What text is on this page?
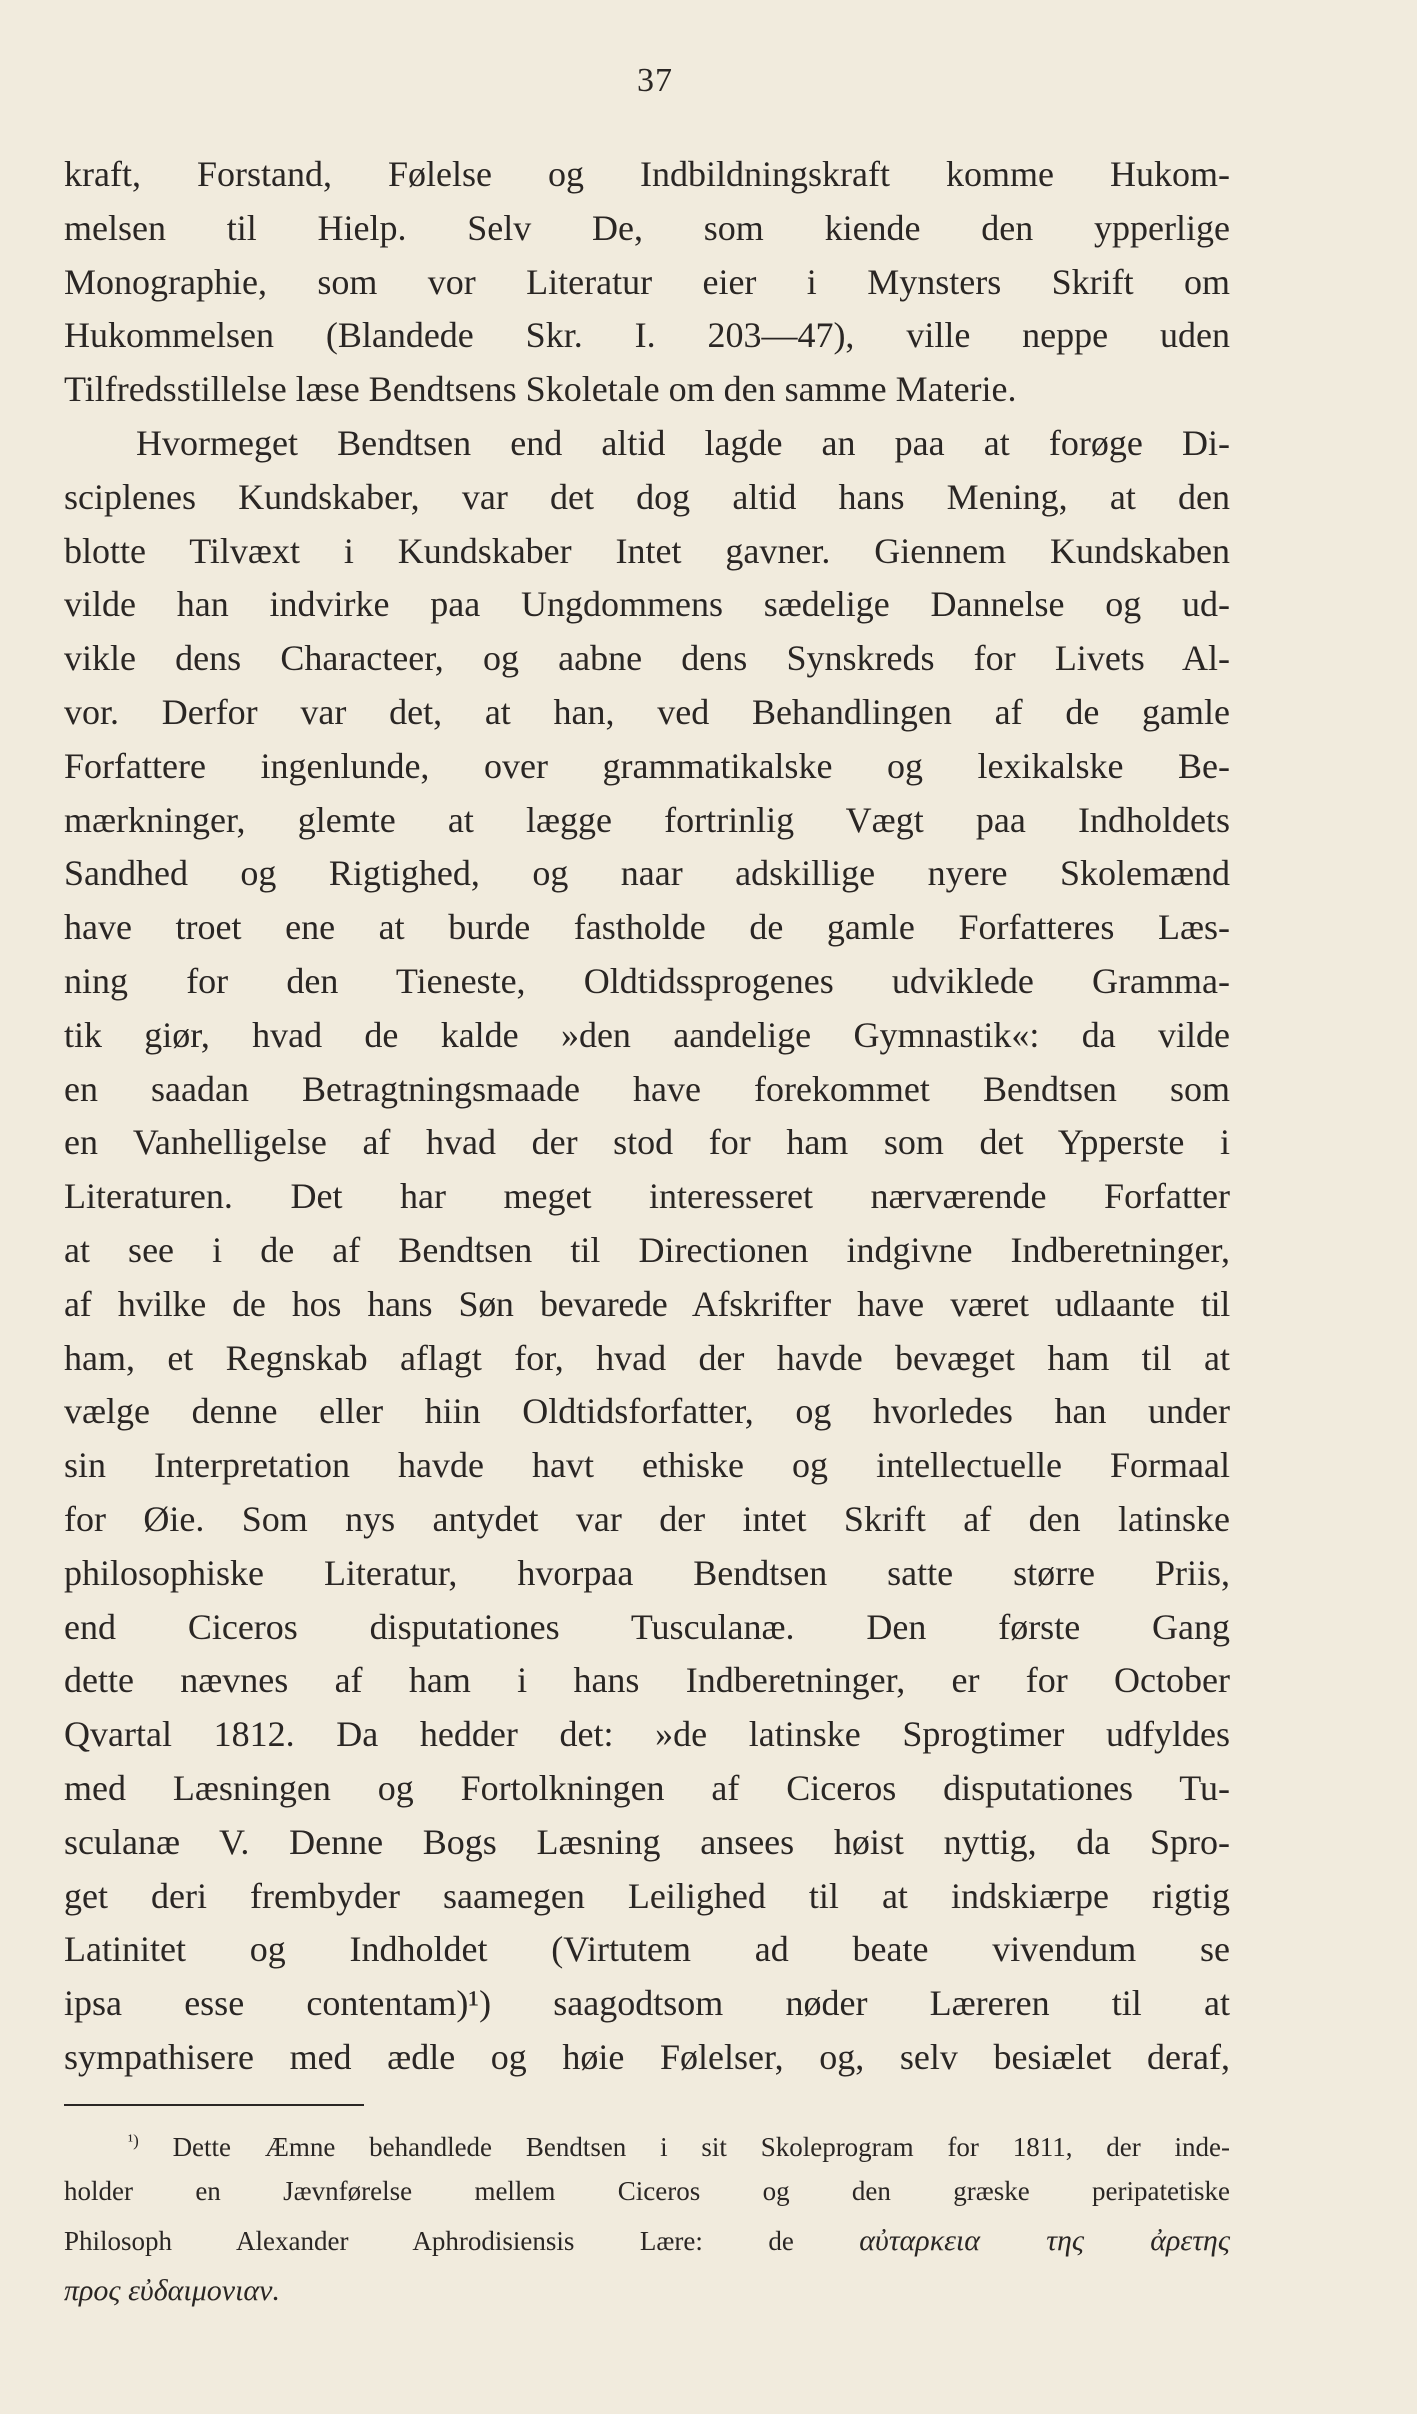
37
kraft, Forstand, Følelse og Indbildningskraft komme Hukom-
melsen til Hielp. Selv De, som kiende den ypperlige
Monographie, som vor Literatur eier i Mynsters Skrift om
Hukommelsen (Blandede Skr. I. 203—47), ville neppe uden
Tilfredsstillelse læse Bendtsens Skoletale om den samme Materie.
Hvormeget Bendtsen end altid lagde an paa at forøge Di-
sciplenes Kundskaber, var det dog altid hans Mening, at den
blotte Tilvæxt i Kundskaber Intet gavner. Giennem Kundskaben
vilde han indvirke paa Ungdommens sædelige Dannelse og ud-
vikle dens Characteer, og aabne dens Synskreds for Livets Al-
vor. Derfor var det, at han, ved Behandlingen af de gamle
Forfattere ingenlunde, over grammatikalske og lexikalske Be-
mærkninger, glemte at lægge fortrinlig Vægt paa Indholdets
Sandhed og Rigtighed, og naar adskillige nyere Skolemænd
have troet ene at burde fastholde de gamle Forfatteres Læs-
ning for den Tieneste, Oldtidssprogenes udviklede Gramma-
tik giør, hvad de kalde »den aandelige Gymnastik«: da vilde
en saadan Betragtningsmaade have forekommet Bendtsen som
en Vanhelligelse af hvad der stod for ham som det Ypperste i
Literaturen. Det har meget interesseret nærværende Forfatter
at see i de af Bendtsen til Directionen indgivne Indberetninger,
af hvilke de hos hans Søn bevarede Afskrifter have været udlaante til
ham, et Regnskab aflagt for, hvad der havde bevæget ham til at
vælge denne eller hiin Oldtidsforfatter, og hvorledes han under
sin Interpretation havde havt ethiske og intellectuelle Formaal
for Øie. Som nys antydet var der intet Skrift af den latinske
philosophiske Literatur, hvorpaa Bendtsen satte større Priis,
end Ciceros disputationes Tusculanæ. Den første Gang
dette nævnes af ham i hans Indberetninger, er for October
Qvartal 1812. Da hedder det: »de latinske Sprogtimer udfyldes
med Læsningen og Fortolkningen af Ciceros disputationes Tu-
sculanæ V. Denne Bogs Læsning ansees høist nyttig, da Spro-
get deri frembyder saamegen Leilighed til at indskiærpe rigtig
Latinitet og Indholdet (Virtutem ad beate vivendum se
ipsa esse contentam)¹) saagodtsom nøder Læreren til at
sympathisere med ædle og høie Følelser, og, selv besiælet deraf,
$^{^1)}$ Dette Æmne behandlede Bendtsen i sit Skoleprogram for 1811, der inde-
holder en Jævnførelse mellem Ciceros og den græske peripatetiske
Philosoph Alexander Aphrodisiensis Lære: de αὐταρκεια της ἀρετης
προς εὐδαιμονιαν.
